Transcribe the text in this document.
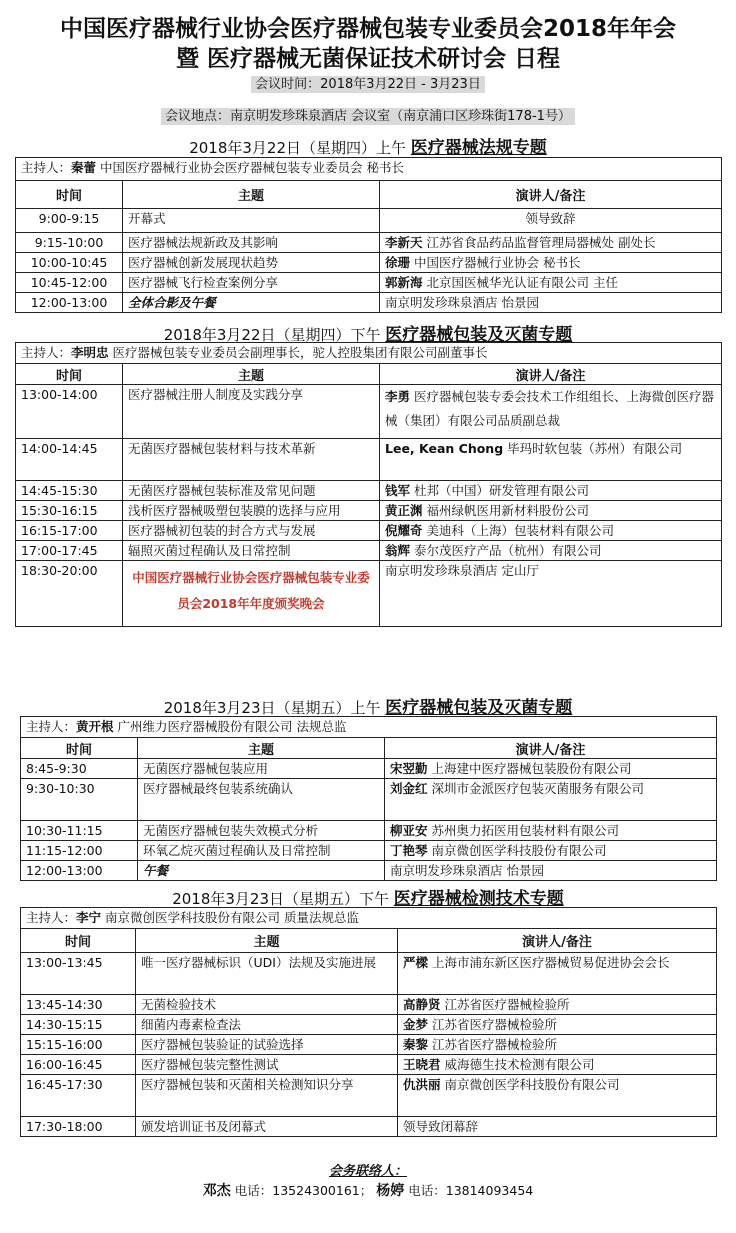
中国医疗器械行业协会医疗器械包装专业委员会2018年年会
暨 医疗器械无菌保证技术研讨会 日程
会议时间：2018年3月22日 - 3月23日
会议地点：南京明发珍珠泉酒店 会议室（南京浦口区珍珠街178-1号）
2018年3月22日（星期四）上午 医疗器械法规专题
主持人：秦蕾 中国医疗器械行业协会医疗器械包装专业委员会 秘书长		
时间	主题	演讲人/备注
9:00-9:15	开幕式	领导致辞
9:15-10:00	医疗器械法规新政及其影响	李新天 江苏省食品药品监督管理局器械处 副处长
10:00-10:45	医疗器械创新发展现状趋势	徐珊 中国医疗器械行业协会 秘书长
10:45-12:00	医疗器械飞行检查案例分享	郭新海 北京国医械华光认证有限公司 主任
12:00-13:00	全体合影及午餐	南京明发珍珠泉酒店 怡景园
2018年3月22日（星期四）下午 医疗器械包装及灭菌专题
主持人：李明忠 医疗器械包装专业委员会副理事长，驼人控股集团有限公司副董事长		
时间	主题	演讲人/备注
13:00-14:00	医疗器械注册人制度及实践分享	李勇 医疗器械包装专委会技术工作组组长、上海微创医疗器械（集团）有限公司品质副总裁
14:00-14:45	无菌医疗器械包装材料与技术革新	Lee, Kean Chong 毕玛时软包装（苏州）有限公司
14:45-15:30	无菌医疗器械包装标准及常见问题	钱军 杜邦（中国）研发管理有限公司
15:30-16:15	浅析医疗器械吸塑包装膜的选择与应用	黄正渊 福州绿帆医用新材料股份公司
16:15-17:00	医疗器械初包装的封合方式与发展	倪耀奇 美迪科（上海）包装材料有限公司
17:00-17:45	辐照灭菌过程确认及日常控制	翁辉 泰尔茂医疗产品（杭州）有限公司
18:30-20:00	中国医疗器械行业协会医疗器械包装专业委员会2018年年度颁奖晚会	南京明发珍珠泉酒店 定山厅
2018年3月23日（星期五）上午 医疗器械包装及灭菌专题
主持人：黄开根 广州维力医疗器械股份有限公司 法规总监		
时间	主题	演讲人/备注
8:45-9:30	无菌医疗器械包装应用	宋翌勤 上海建中医疗器械包装股份有限公司
9:30-10:30	医疗器械最终包装系统确认	刘金红 深圳市金派医疗包装灭菌服务有限公司
10:30-11:15	无菌医疗器械包装失效模式分析	柳亚安 苏州奥力拓医用包装材料有限公司
11:15-12:00	环氧乙烷灭菌过程确认及日常控制	丁艳琴 南京微创医学科技股份有限公司
12:00-13:00	午餐	南京明发珍珠泉酒店 怡景园
2018年3月23日（星期五）下午 医疗器械检测技术专题
主持人：李宁 南京微创医学科技股份有限公司 质量法规总监		
时间	主题	演讲人/备注
13:00-13:45	唯一医疗器械标识（UDI）法规及实施进展	严樑 上海市浦东新区医疗器械贸易促进协会会长
13:45-14:30	无菌检验技术	高静贤 江苏省医疗器械检验所
14:30-15:15	细菌内毒素检查法	金梦 江苏省医疗器械检验所
15:15-16:00	医疗器械包装验证的试验选择	秦黎 江苏省医疗器械检验所
16:00-16:45	医疗器械包装完整性测试	王晓君 威海德生技术检测有限公司
16:45-17:30	医疗器械包装和灭菌相关检测知识分享	仇洪丽 南京微创医学科技股份有限公司
17:30-18:00	颁发培训证书及闭幕式	领导致闭幕辞
会务联络人：
邓杰 电话：13524300161； 杨婷 电话：13814093454
